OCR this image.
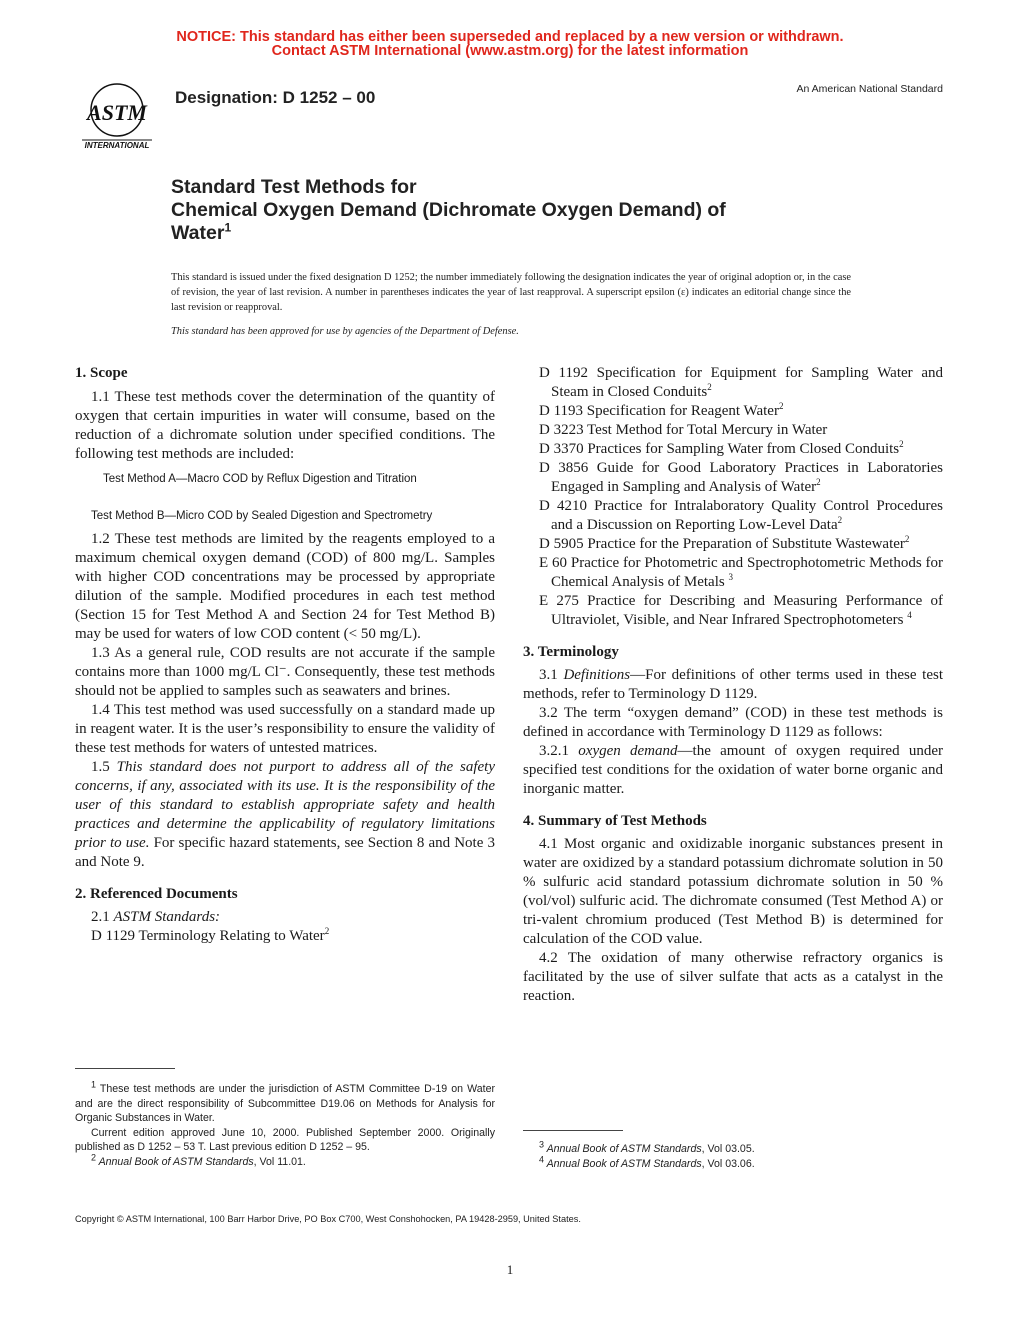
NOTICE: This standard has either been superseded and replaced by a new version or withdrawn.
Contact ASTM International (www.astm.org) for the latest information
ASTM
INTERNATIONAL
Designation: D 1252 – 00	An American National Standard
Standard Test Methods for
Chemical Oxygen Demand (Dichromate Oxygen Demand) of
Water$^1$
This standard is issued under the fixed designation D 1252; the number immediately following the designation indicates the year of original adoption or, in the case of revision, the year of last revision. A number in parentheses indicates the year of last reapproval. A superscript epsilon (ε) indicates an editorial change since the last revision or reapproval.
This standard has been approved for use by agencies of the Department of Defense.

1. Scope

1.1 These test methods cover the determination of the quantity of oxygen that certain impurities in water will consume, based on the reduction of a dichromate solution under specified conditions. The following test methods are included:

Test Method A—Macro COD by Reflux Digestion and Titration

Test Method B—Micro COD by Sealed Digestion and Spectrometry

1.2 These test methods are limited by the reagents employed to a maximum chemical oxygen demand (COD) of 800 mg/L. Samples with higher COD concentrations may be processed by appropriate dilution of the sample. Modified procedures in each test method (Section 15 for Test Method A and Section 24 for Test Method B) may be used for waters of low COD content (< 50 mg/L).

1.3 As a general rule, COD results are not accurate if the sample contains more than 1000 mg/L Cl⁻. Consequently, these test methods should not be applied to samples such as seawaters and brines.

1.4 This test method was used successfully on a standard made up in reagent water. It is the user’s responsibility to ensure the validity of these test methods for waters of untested matrices.

1.5 This standard does not purport to address all of the safety concerns, if any, associated with its use. It is the responsibility of the user of this standard to establish appropriate safety and health practices and determine the applicability of regulatory limitations prior to use. For specific hazard statements, see Section 8 and Note 3 and Note 9.

2. Referenced Documents

2.1 ASTM Standards:

D 1129 Terminology Relating to Water$^2$

$^1$ These test methods are under the jurisdiction of ASTM Committee D-19 on Water and are the direct responsibility of Subcommittee D19.06 on Methods for Analysis for Organic Substances in Water.

Current edition approved June 10, 2000. Published September 2000. Originally published as D 1252 – 53 T. Last previous edition D 1252 – 95.

$^2$ Annual Book of ASTM Standards, Vol 11.01.

D 1192 Specification for Equipment for Sampling Water and Steam in Closed Conduits$^2$

D 1193 Specification for Reagent Water$^2$

D 3223 Test Method for Total Mercury in Water

D 3370 Practices for Sampling Water from Closed Conduits$^2$

D 3856 Guide for Good Laboratory Practices in Laboratories Engaged in Sampling and Analysis of Water$^2$

D 4210 Practice for Intralaboratory Quality Control Procedures and a Discussion on Reporting Low-Level Data$^2$

D 5905 Practice for the Preparation of Substitute Wastewater$^2$

E 60 Practice for Photometric and Spectrophotometric Methods for Chemical Analysis of Metals $^3$

E 275 Practice for Describing and Measuring Performance of Ultraviolet, Visible, and Near Infrared Spectrophotometers $^4$

3. Terminology

3.1 Definitions—For definitions of other terms used in these test methods, refer to Terminology D 1129.

3.2 The term “oxygen demand” (COD) in these test methods is defined in accordance with Terminology D 1129 as follows:

3.2.1 oxygen demand—the amount of oxygen required under specified test conditions for the oxidation of water borne organic and inorganic matter.

4. Summary of Test Methods

4.1 Most organic and oxidizable inorganic substances present in water are oxidized by a standard potassium dichromate solution in 50 % sulfuric acid standard potassium dichromate solution in 50 % (vol/vol) sulfuric acid. The dichromate consumed (Test Method A) or tri-valent chromium produced (Test Method B) is determined for calculation of the COD value.

4.2 The oxidation of many otherwise refractory organics is facilitated by the use of silver sulfate that acts as a catalyst in the reaction.

$^3$ Annual Book of ASTM Standards, Vol 03.05.

$^4$ Annual Book of ASTM Standards, Vol 03.06.

Copyright © ASTM International, 100 Barr Harbor Drive, PO Box C700, West Conshohocken, PA 19428-2959, United States.
1
